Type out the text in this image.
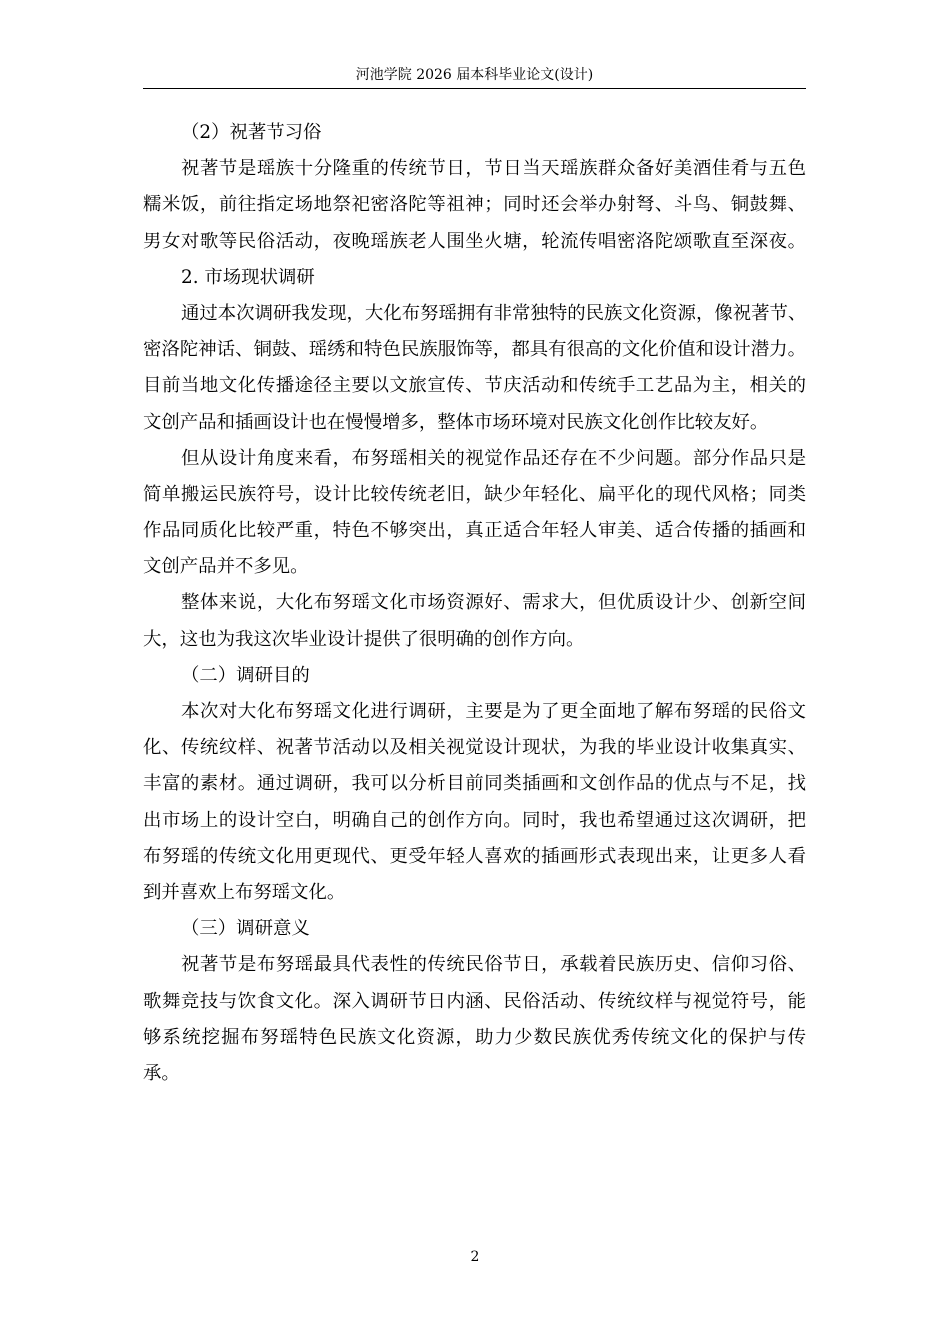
河池学院 2026 届本科毕业论文(设计)
（2）祝著节习俗
祝著节是瑶族十分隆重的传统节日，节日当天瑶族群众备好美酒佳肴与五色
糯米饭，前往指定场地祭祀密洛陀等祖神；同时还会举办射弩、斗鸟、铜鼓舞、
男女对歌等民俗活动，夜晚瑶族老人围坐火塘，轮流传唱密洛陀颂歌直至深夜。
2. 市场现状调研
通过本次调研我发现，大化布努瑶拥有非常独特的民族文化资源，像祝著节、
密洛陀神话、铜鼓、瑶绣和特色民族服饰等，都具有很高的文化价值和设计潜力。
目前当地文化传播途径主要以文旅宣传、节庆活动和传统手工艺品为主，相关的
文创产品和插画设计也在慢慢增多，整体市场环境对民族文化创作比较友好。
但从设计角度来看，布努瑶相关的视觉作品还存在不少问题。部分作品只是
简单搬运民族符号，设计比较传统老旧，缺少年轻化、扁平化的现代风格；同类
作品同质化比较严重，特色不够突出，真正适合年轻人审美、适合传播的插画和
文创产品并不多见。
整体来说，大化布努瑶文化市场资源好、需求大，但优质设计少、创新空间
大，这也为我这次毕业设计提供了很明确的创作方向。
（二）调研目的
本次对大化布努瑶文化进行调研，主要是为了更全面地了解布努瑶的民俗文
化、传统纹样、祝著节活动以及相关视觉设计现状，为我的毕业设计收集真实、
丰富的素材。通过调研，我可以分析目前同类插画和文创作品的优点与不足，找
出市场上的设计空白，明确自己的创作方向。同时，我也希望通过这次调研，把
布努瑶的传统文化用更现代、更受年轻人喜欢的插画形式表现出来，让更多人看
到并喜欢上布努瑶文化。
（三）调研意义
祝著节是布努瑶最具代表性的传统民俗节日，承载着民族历史、信仰习俗、
歌舞竞技与饮食文化。深入调研节日内涵、民俗活动、传统纹样与视觉符号，能
够系统挖掘布努瑶特色民族文化资源，助力少数民族优秀传统文化的保护与传
承。
2
